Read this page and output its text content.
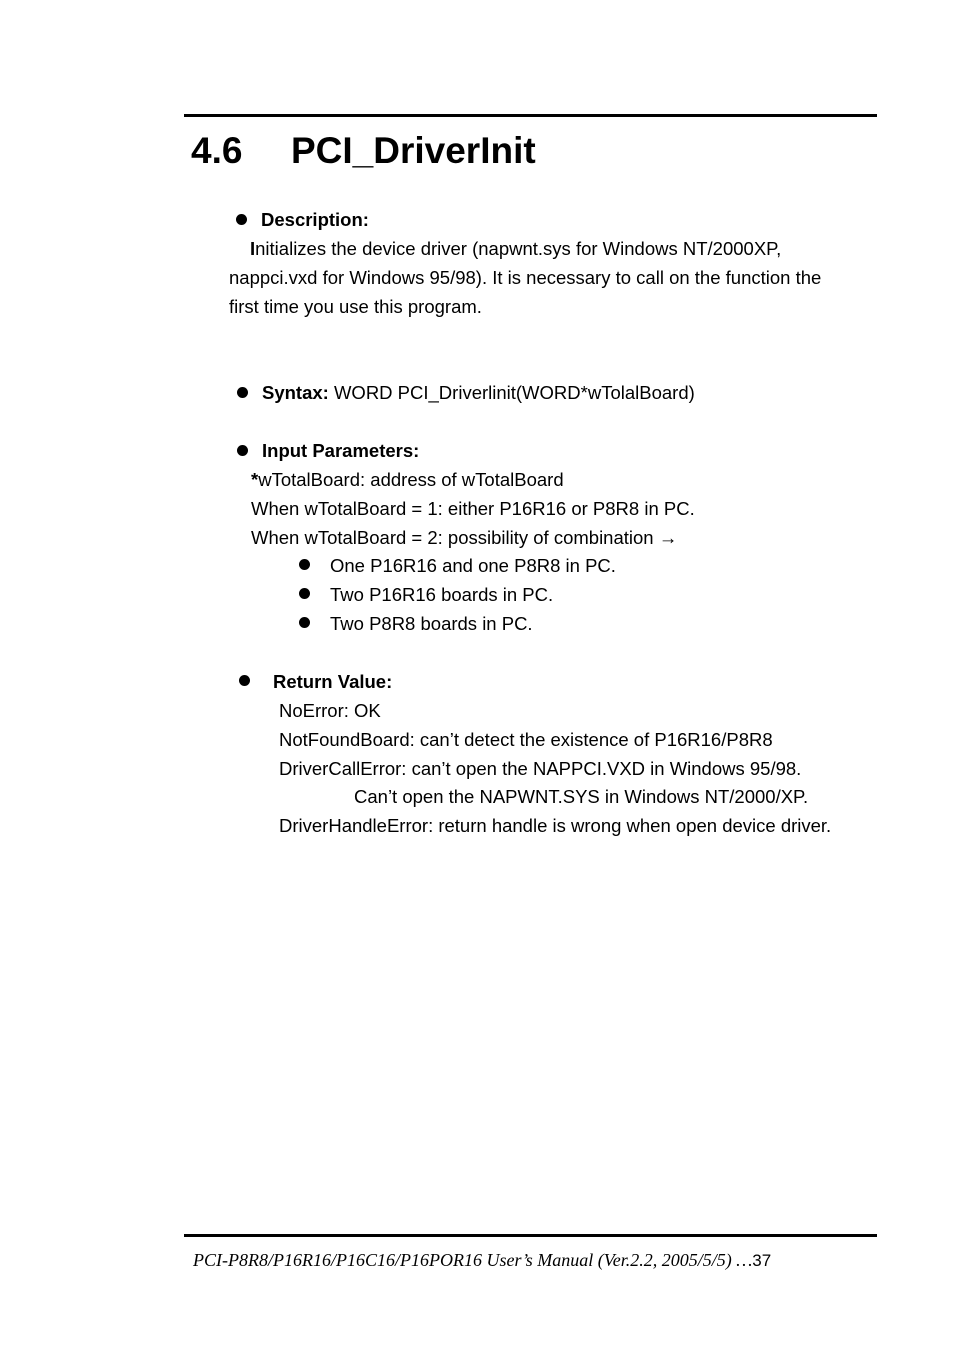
4.6 PCI_DriverInit
Description:
Initializes the device driver (napwnt.sys for Windows NT/2000XP,
nappci.vxd for Windows 95/98). It is necessary to call on the function the
first time you use this program.
Syntax: WORD PCI_Driverlinit(WORD*wTolalBoard)
Input Parameters:
*wTotalBoard: address of wTotalBoard
When wTotalBoard = 1: either P16R16 or P8R8 in PC.
When wTotalBoard = 2: possibility of combination →
One P16R16 and one P8R8 in PC.
Two P16R16 boards in PC.
Two P8R8 boards in PC.
Return Value:
NoError: OK
NotFoundBoard: can’t detect the existence of P16R16/P8R8
DriverCallError: can’t open the NAPPCI.VXD in Windows 95/98.
Can’t open the NAPWNT.SYS in Windows NT/2000/XP.
DriverHandleError: return handle is wrong when open device driver.
PCI-P8R8/P16R16/P16C16/P16POR16 User’s Manual (Ver.2.2, 2005/5/5) …37
